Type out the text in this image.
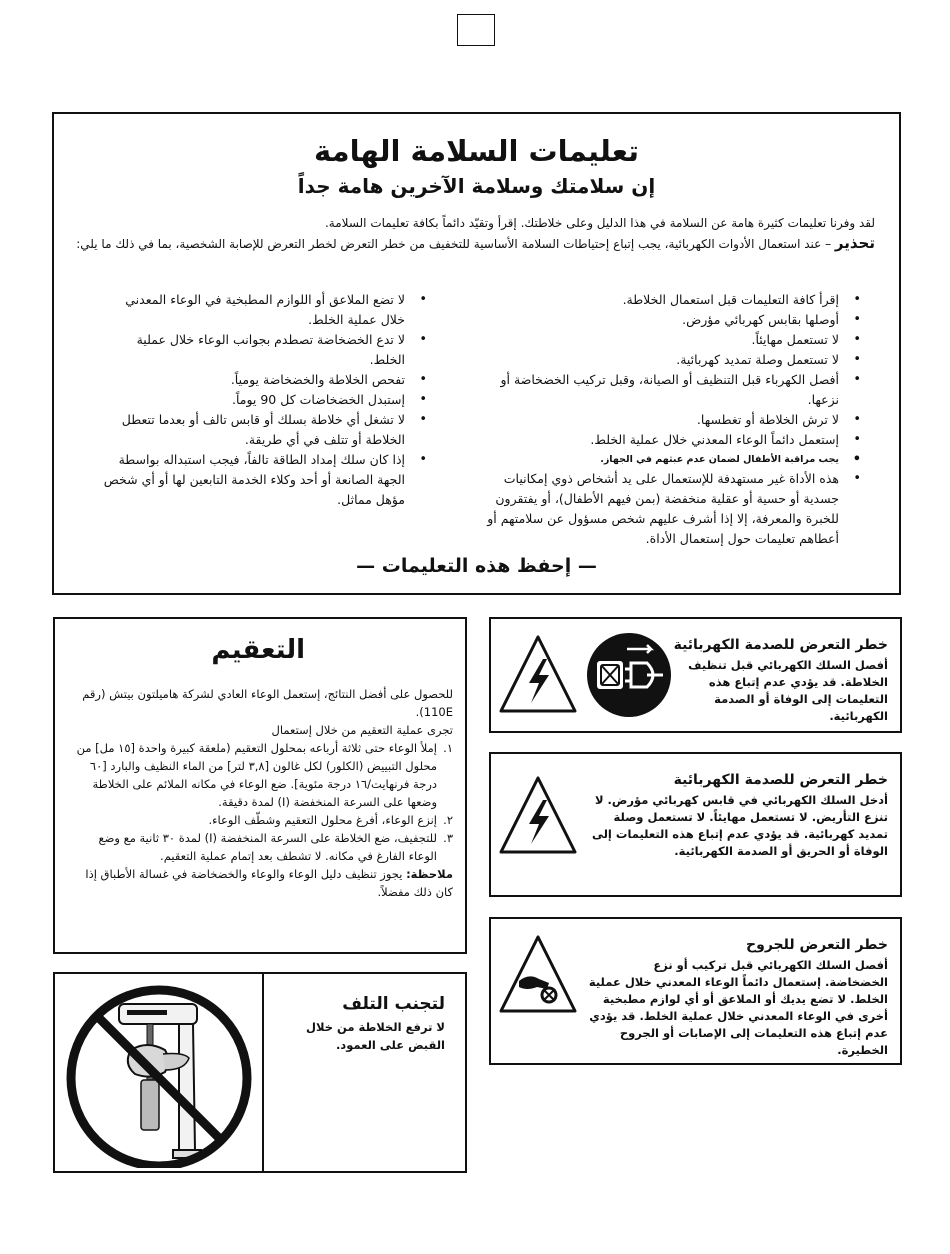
تعليمات السلامة الهامة
إن سلامتك وسلامة الآخرين هامة جداً
لقد وفرنا تعليمات كثيرة هامة عن السلامة في هذا الدليل وعلى خلاطتك. إقرأ وتقيّد دائماً بكافة تعليمات السلامة.
تحذير – عند استعمال الأدوات الكهربائية، يجب إتباع إحتياطات السلامة الأساسية للتخفيف من خطر التعرض لخطر التعرض للإصابة الشخصية، بما في ذلك ما يلي:
• إقرأ كافة التعليمات قبل استعمال الخلاطة.
• أوصلها بقابس كهربائي مؤرض.
• لا تستعمل مهايئاً.
• لا تستعمل وصلة تمديد كهربائية.
• أفصل الكهرباء قبل التنظيف أو الصيانة، وقبل تركيب الخضخاضة أو نزعها.
• لا ترش الخلاطة أو تغطسها.
• إستعمل دائماً الوعاء المعدني خلال عملية الخلط.
• يجب مراقبة الأطفال لضمان عدم عبثهم في الجهاز.
• هذه الأداة غير مستهدفة للإستعمال على يد أشخاص ذوي إمكانيات جسدية أو حسية أو عقلية منخفضة (بمن فيهم الأطفال)، أو يفتقرون للخبرة والمعرفة، إلا إذا أشرف عليهم شخص مسؤول عن سلامتهم أو أعطاهم تعليمات حول إستعمال الأداة.
• لا تضع الملاعق أو اللوازم المطبخية في الوعاء المعدني خلال عملية الخلط.
• لا تدع الخضخاضة تصطدم بجوانب الوعاء خلال عملية الخلط.
• تفحص الخلاطة والخضخاضة يومياً.
• إستبدل الخضخاضات كل 90 يوماً.
• لا تشغل أي خلاطة بسلك أو قابس تالف أو بعدما تتعطل الخلاطة أو تتلف في أي طريقة.
• إذا كان سلك إمداد الطاقة تالفاً، فيجب استبداله بواسطة الجهة الصانعة أو أحد وكلاء الخدمة التابعين لها أو أي شخص مؤهل مماثل.
— إحفظ هذه التعليمات —
التعقيم
للحصول على أفضل النتائج، إستعمل الوعاء العادي لشركة هاميلتون بيتش (رقم 110E).
تجرى عملية التعقيم من خلال إستعمال
١.
إملأ الوعاء حتى ثلاثة أرباعه بمحلول التعقيم (ملعقة كبيرة واحدة [١٥ مل] من محلول التبييض (الكلور) لكل غالون [٣,٨ لتر] من الماء النظيف والبارد [٦٠ درجة فرنهايت/١٦ درجة مئوية]. ضع الوعاء في مكانه الملائم على الخلاطة وضعها على السرعة المنخفضة (I) لمدة دقيقة.
٢.
إنزع الوعاء، أفرغ محلول التعقيم وشطّف الوعاء.
٣.
للتجفيف، ضع الخلاطة على السرعة المنخفضة (I) لمدة ٣٠ ثانية مع وضع الوعاء الفارغ في مكانه. لا تشطف بعد إتمام عملية التعقيم.
ملاحظة: يجوز تنظيف دليل الوعاء والوعاء والخضخاضة في غسالة الأطباق إذا كان ذلك مفضلاً.
لتجنب التلف
لا ترفع الخلاطة من خلال القبض على العمود.
خطر التعرض للصدمة الكهربائية
أفصل السلك الكهربائي قبل تنظيف الخلاطة. قد يؤدي عدم إتباع هذه التعليمات إلى الوفاة أو الصدمة الكهربائية.
خطر التعرض للصدمة الكهربائية
أدخل السلك الكهربائي في قابس كهربائي مؤرض. لا تنزع التأريض. لا تستعمل مهايئاً. لا تستعمل وصلة تمديد كهربائية. قد يؤدي عدم إتباع هذه التعليمات إلى الوفاة أو الحريق أو الصدمة الكهربائية.
خطر التعرض للجروح
أفصل السلك الكهربائي قبل تركيب أو نزع الخضخاضة. إستعمال دائماً الوعاء المعدني خلال عملية الخلط. لا تضع يديك أو الملاعق أو أي لوازم مطبخية أخرى في الوعاء المعدني خلال عملية الخلط. قد يؤدي عدم إتباع هذه التعليمات إلى الإصابات أو الجروح الخطيرة.
